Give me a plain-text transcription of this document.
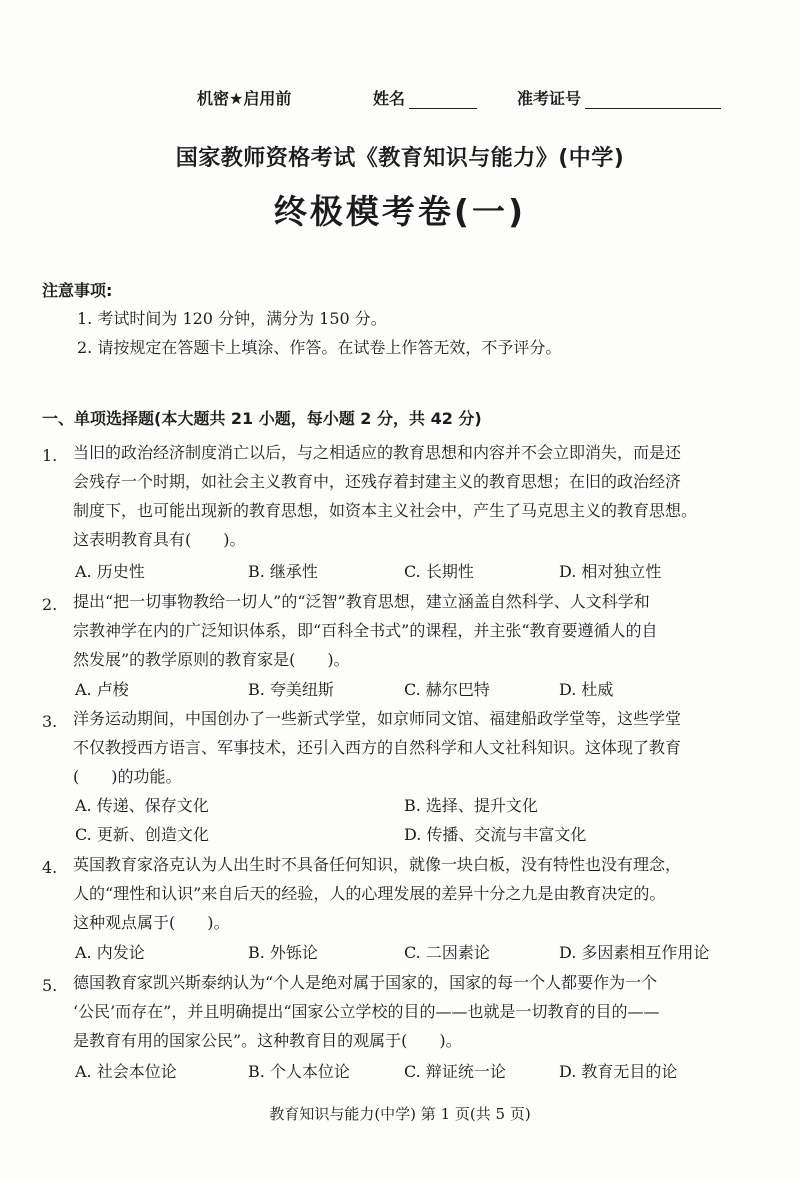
机密★启用前	姓名	准考证号
国家教师资格考试《教育知识与能力》(中学)
终极模考卷(一)
注意事项:
1. 考试时间为 120 分钟，满分为 150 分。
2. 请按规定在答题卡上填涂、作答。在试卷上作答无效，不予评分。
一、单项选择题(本大题共 21 小题，每小题 2 分，共 42 分)
1. 当旧的政治经济制度消亡以后，与之相适应的教育思想和内容并不会立即消失，而是还
会残存一个时期，如社会主义教育中，还残存着封建主义的教育思想；在旧的政治经济
制度下，也可能出现新的教育思想，如资本主义社会中，产生了马克思主义的教育思想。
这表明教育具有(　　)。
A. 历史性	B. 继承性	C. 长期性	D. 相对独立性
2. 提出“把一切事物教给一切人”的“泛智”教育思想，建立涵盖自然科学、人文科学和
宗教神学在内的广泛知识体系，即“百科全书式”的课程，并主张“教育要遵循人的自
然发展”的教学原则的教育家是(　　)。
A. 卢梭	B. 夸美纽斯	C. 赫尔巴特	D. 杜威
3. 洋务运动期间，中国创办了一些新式学堂，如京师同文馆、福建船政学堂等，这些学堂
不仅教授西方语言、军事技术，还引入西方的自然科学和人文社科知识。这体现了教育
(　　)的功能。
A. 传递、保存文化	B. 选择、提升文化
C. 更新、创造文化	D. 传播、交流与丰富文化
4. 英国教育家洛克认为人出生时不具备任何知识，就像一块白板，没有特性也没有理念，
人的“理性和认识”来自后天的经验，人的心理发展的差异十分之九是由教育决定的。
这种观点属于(　　)。
A. 内发论	B. 外铄论	C. 二因素论	D. 多因素相互作用论
5. 德国教育家凯兴斯泰纳认为“个人是绝对属于国家的，国家的每一个人都要作为一个
‘公民’而存在”，并且明确提出“国家公立学校的目的——也就是一切教育的目的——
是教育有用的国家公民”。这种教育目的观属于(　　)。
A. 社会本位论	B. 个人本位论	C. 辩证统一论	D. 教育无目的论
教育知识与能力(中学) 第 1 页(共 5 页)
